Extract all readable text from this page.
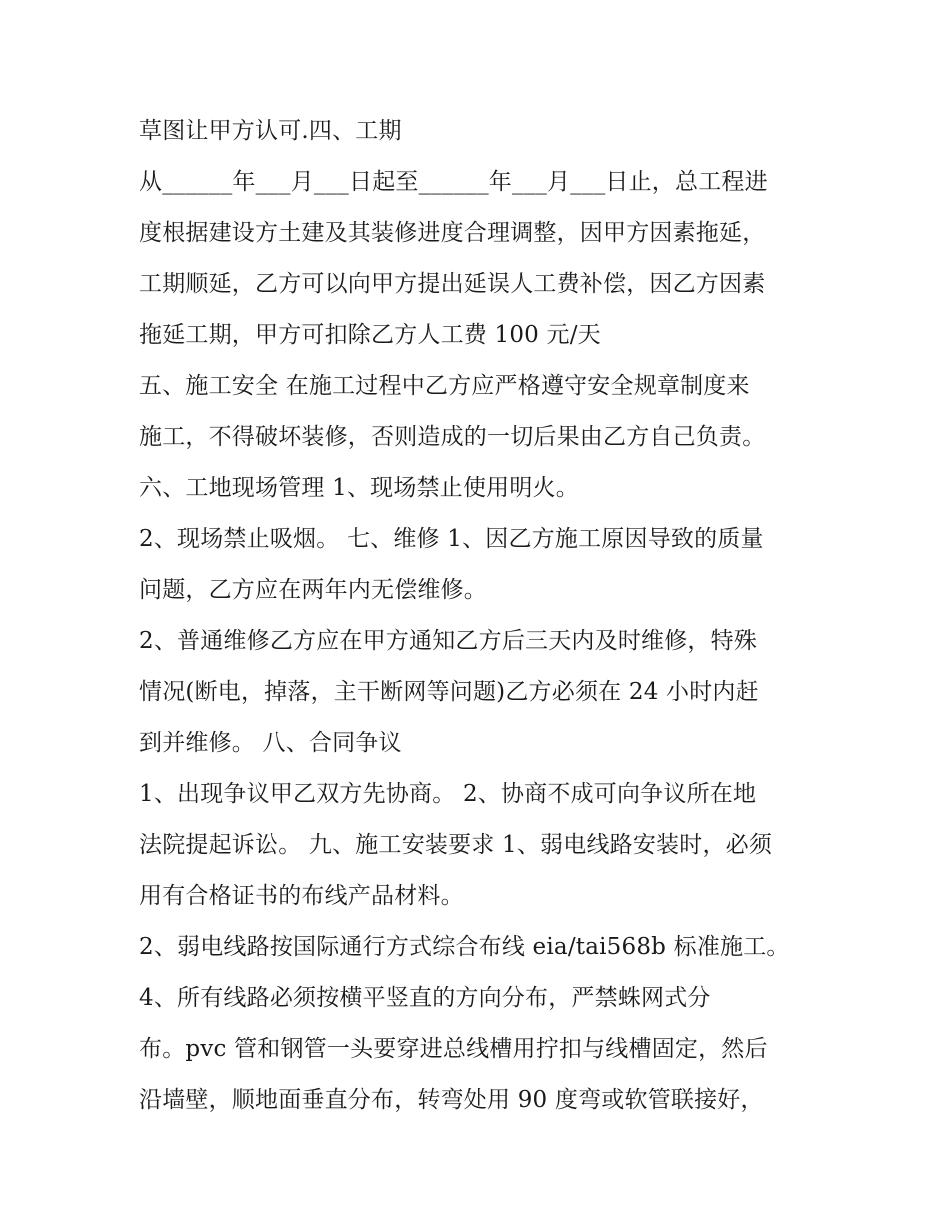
草图让甲方认可.四、工期
从______年___月___日起至______年___月___日止，总工程进
度根据建设方土建及其装修进度合理调整，因甲方因素拖延，
工期顺延，乙方可以向甲方提出延误人工费补偿，因乙方因素
拖延工期，甲方可扣除乙方人工费 100 元/天
五、施工安全 在施工过程中乙方应严格遵守安全规章制度来
施工，不得破坏装修，否则造成的一切后果由乙方自己负责。
六、工地现场管理 1、现场禁止使用明火。
2、现场禁止吸烟。 七、维修 1、因乙方施工原因导致的质量
问题，乙方应在两年内无偿维修。
2、普通维修乙方应在甲方通知乙方后三天内及时维修，特殊
情况(断电，掉落，主干断网等问题)乙方必须在 24 小时内赶
到并维修。 八、合同争议
1、出现争议甲乙双方先协商。 2、协商不成可向争议所在地
法院提起诉讼。 九、施工安装要求 1、弱电线路安装时，必须
用有合格证书的布线产品材料。
2、弱电线路按国际通行方式综合布线 eia/tai568b 标准施工。
4、所有线路必须按横平竖直的方向分布，严禁蛛网式分
布。pvc 管和钢管一头要穿进总线槽用拧扣与线槽固定，然后
沿墙壁，顺地面垂直分布，转弯处用 90 度弯或软管联接好，
